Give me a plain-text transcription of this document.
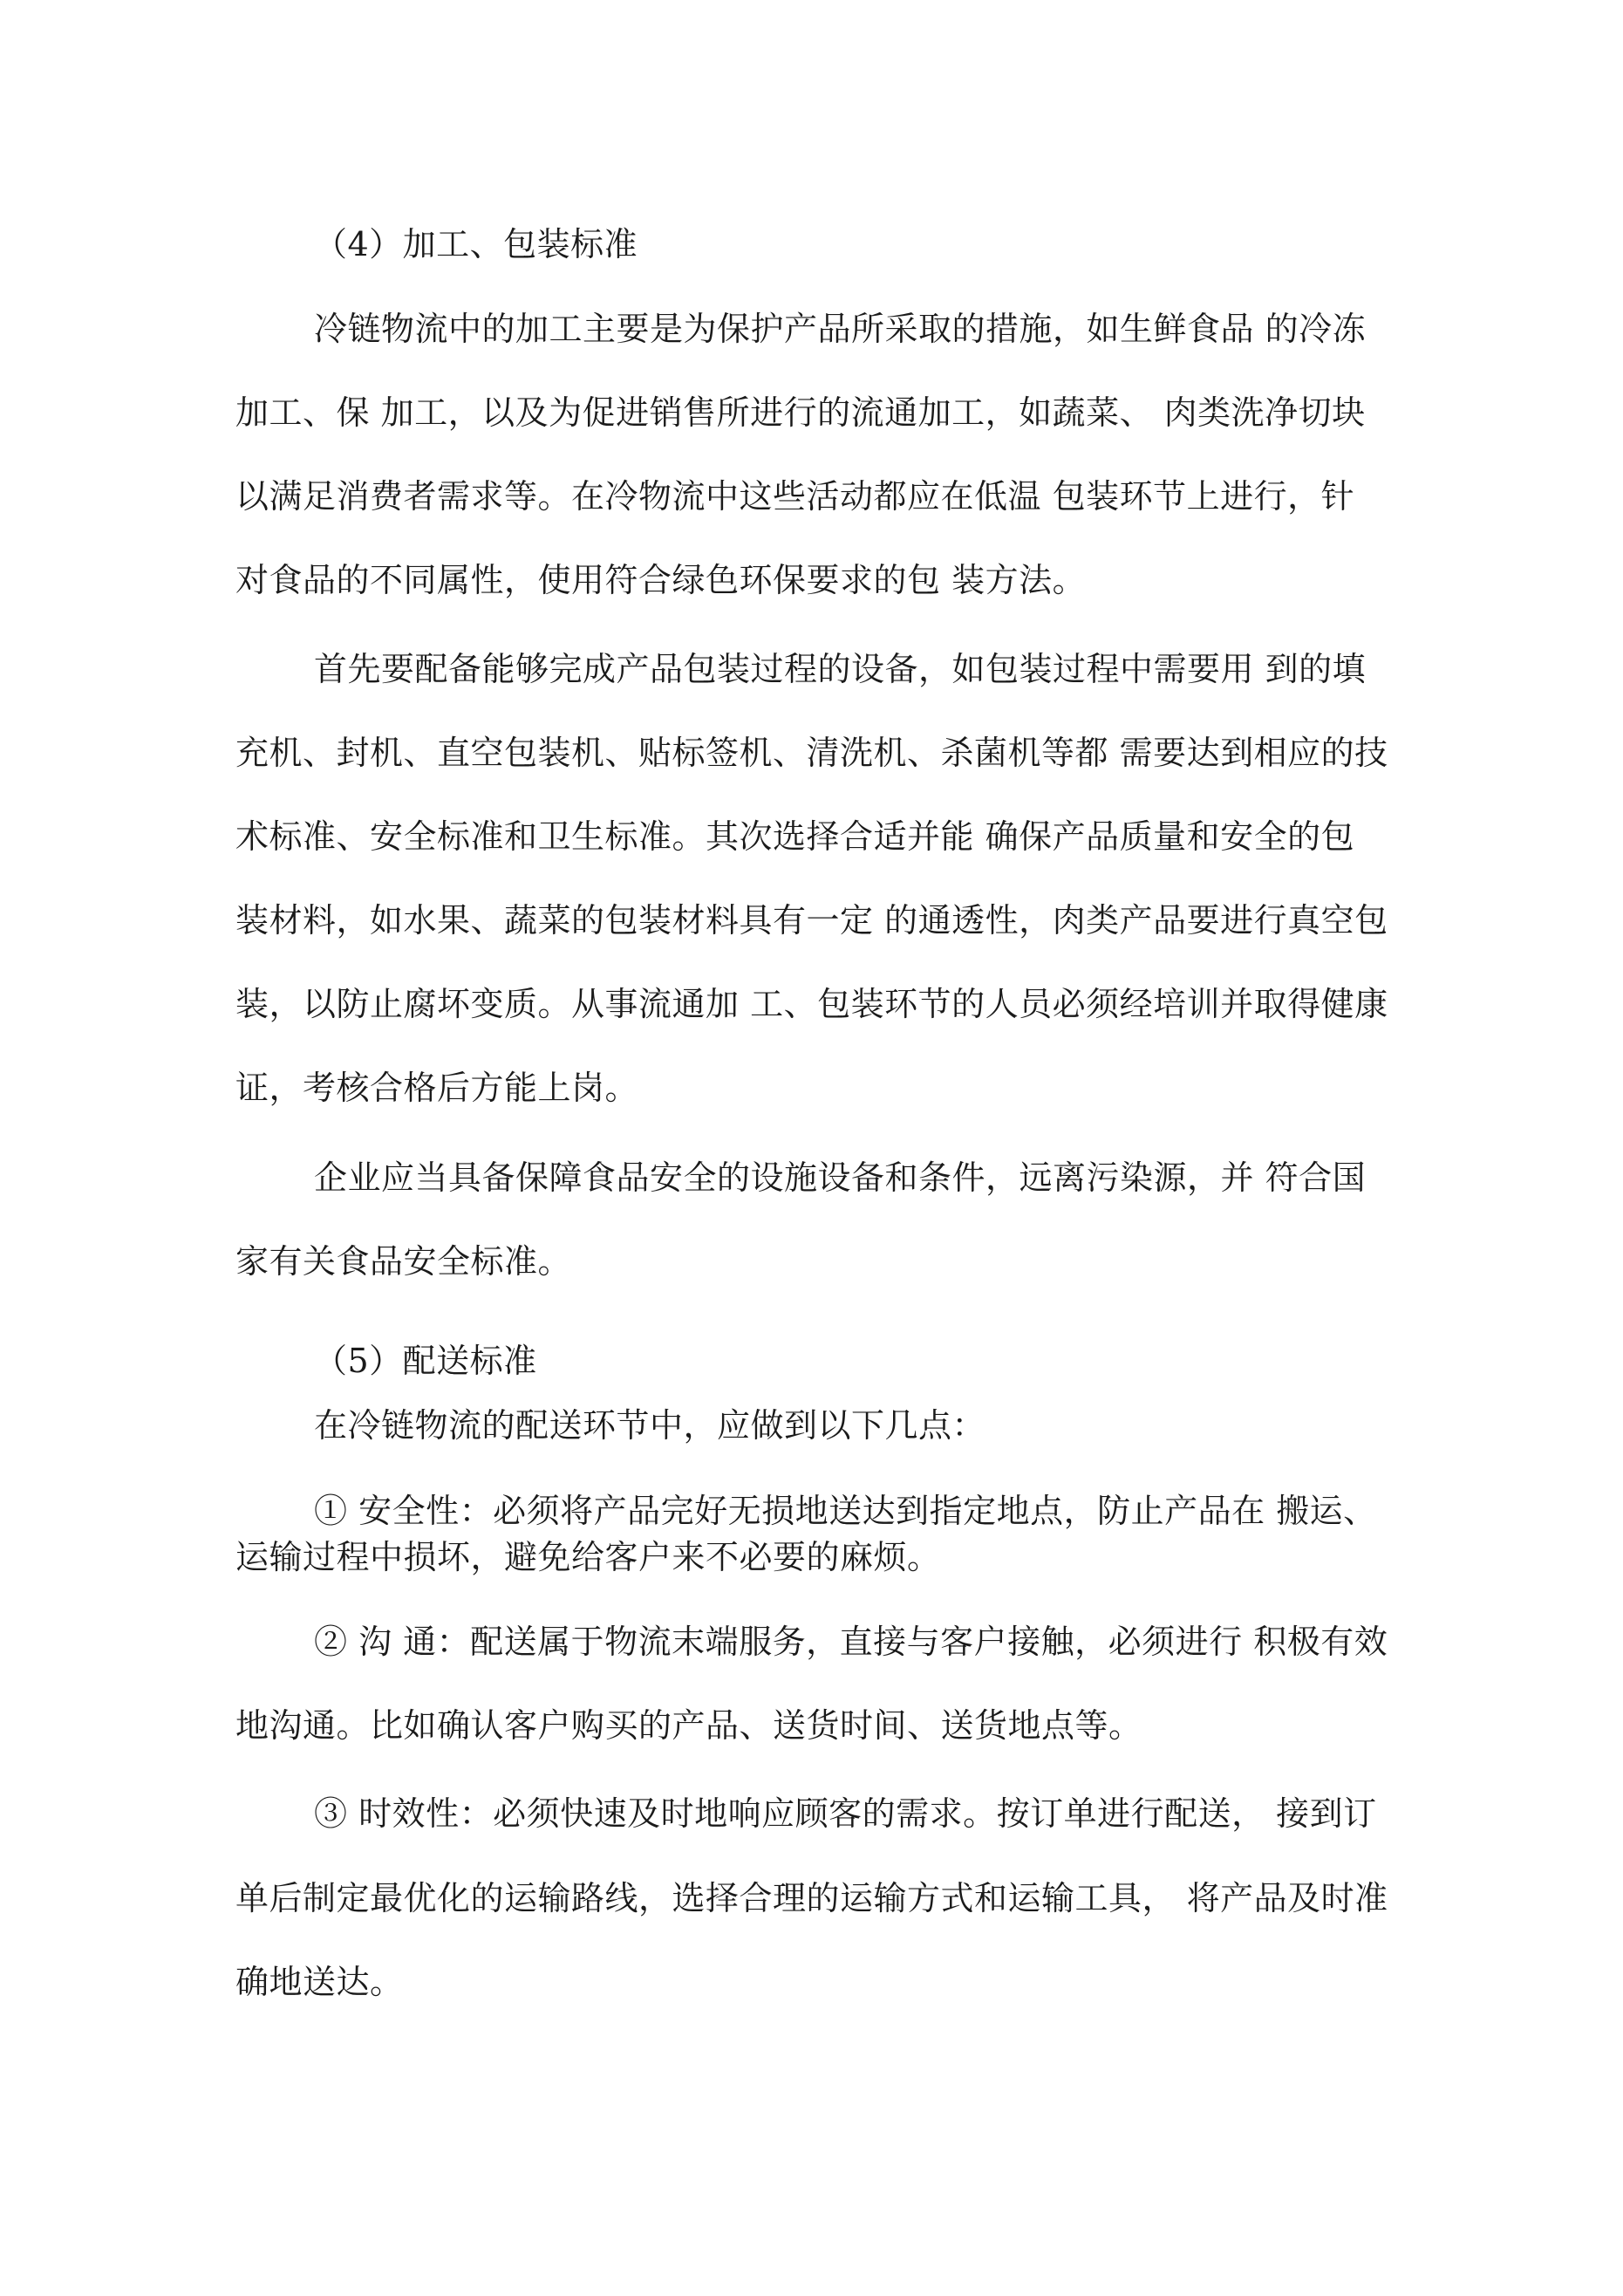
（4）加工、包装标准
冷链物流中的加工主要是为保护产品所采取的措施，如生鲜食品 的冷冻
加工、保 加工，以及为促进销售所进行的流通加工，如蔬菜、 肉类洗净切块
以满足消费者需求等。在冷物流中这些活动都应在低温 包装环节上进行，针
对食品的不同属性，使用符合绿色环保要求的包 装方法。
首先要配备能够完成产品包装过程的设备，如包装过程中需要用 到的填
充机、封机、直空包装机、贴标签机、清洗机、杀菌机等都 需要达到相应的技
术标准、安全标准和卫生标准。其次选择合适并能 确保产品质量和安全的包
装材料，如水果、蔬菜的包装材料具有一定 的通透性，肉类产品要进行真空包
装，以防止腐坏变质。从事流通加 工、包装环节的人员必须经培训并取得健康
证，考核合格后方能上岗。
企业应当具备保障食品安全的设施设备和条件，远离污染源，并 符合国
家有关食品安全标准。
（5）配送标准
在冷链物流的配送环节中，应做到以下几点：
① 安全性：必须将产品完好无损地送达到指定地点，防止产品在 搬运、
运输过程中损坏，避免给客户来不必要的麻烦。
② 沟 通：配送属于物流末端服务，直接与客户接触，必须进行 积极有效
地沟通。比如确认客户购买的产品、送货时间、送货地点等。
③ 时效性：必须快速及时地响应顾客的需求。按订单进行配送， 接到订
单后制定最优化的运输路线，选择合理的运输方式和运输工具， 将产品及时准
确地送达。
